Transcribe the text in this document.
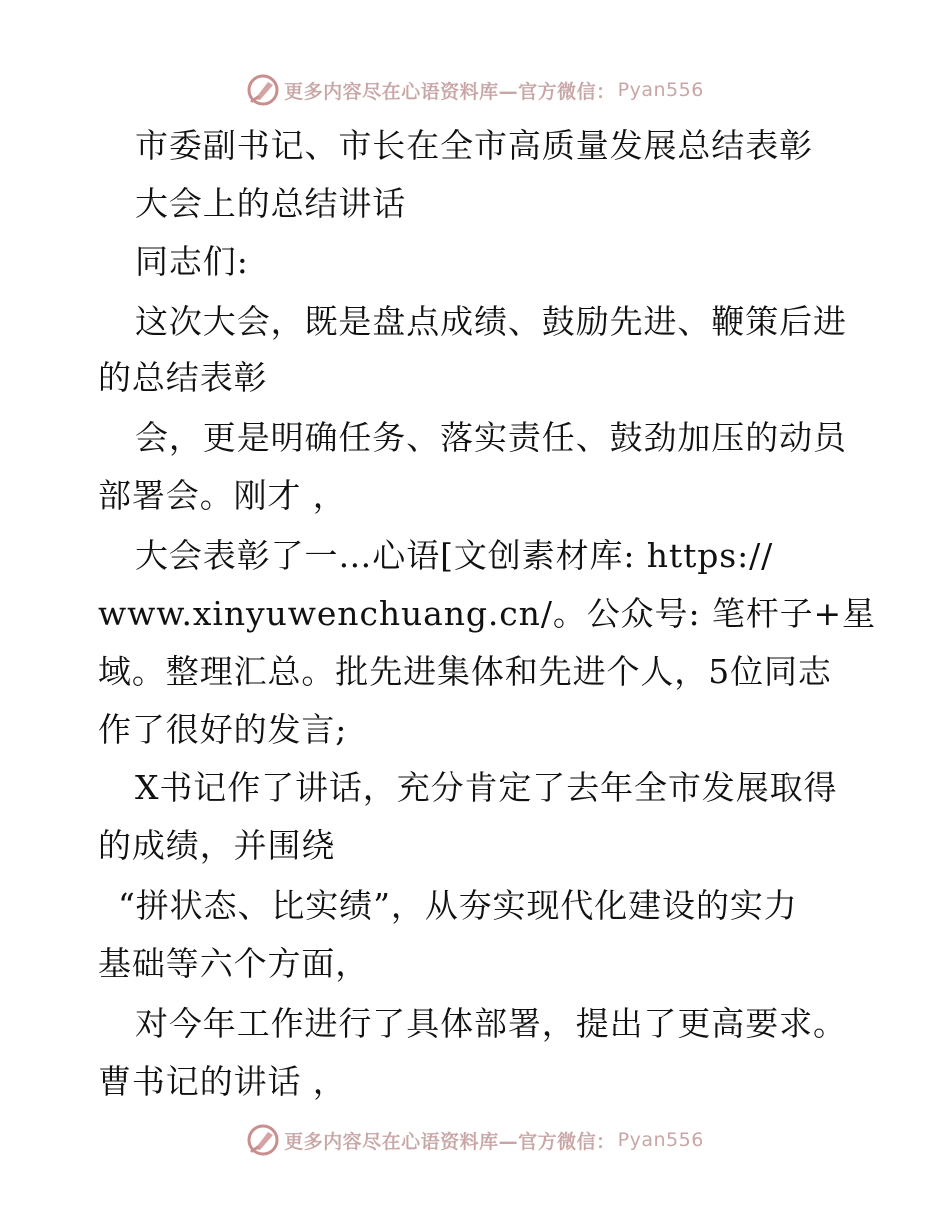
更多内容尽在心语资料库—官方微信： Pyan556
市委副书记、市长在全市高质量发展总结表彰
大会上的总结讲话
同志们:
这次大会，既是盘点成绩、鼓励先进、鞭策后进
的总结表彰
会，更是明确任务、落实责任、鼓劲加压的动员
部署会。刚才 ，
大会表彰了一…心语[文创素材库: https://
www.xinyuwenchuang.cn/。公众号: 笔杆子+星
域。整理汇总。批先进集体和先进个人，5位同志
作了很好的发言;
X书记作了讲话，充分肯定了去年全市发展取得
的成绩，并围绕
“拼状态、比实绩”，从夯实现代化建设的实力
基础等六个方面，
对今年工作进行了具体部署，提出了更高要求。
曹书记的讲话 ，
更多内容尽在心语资料库—官方微信： Pyan556
